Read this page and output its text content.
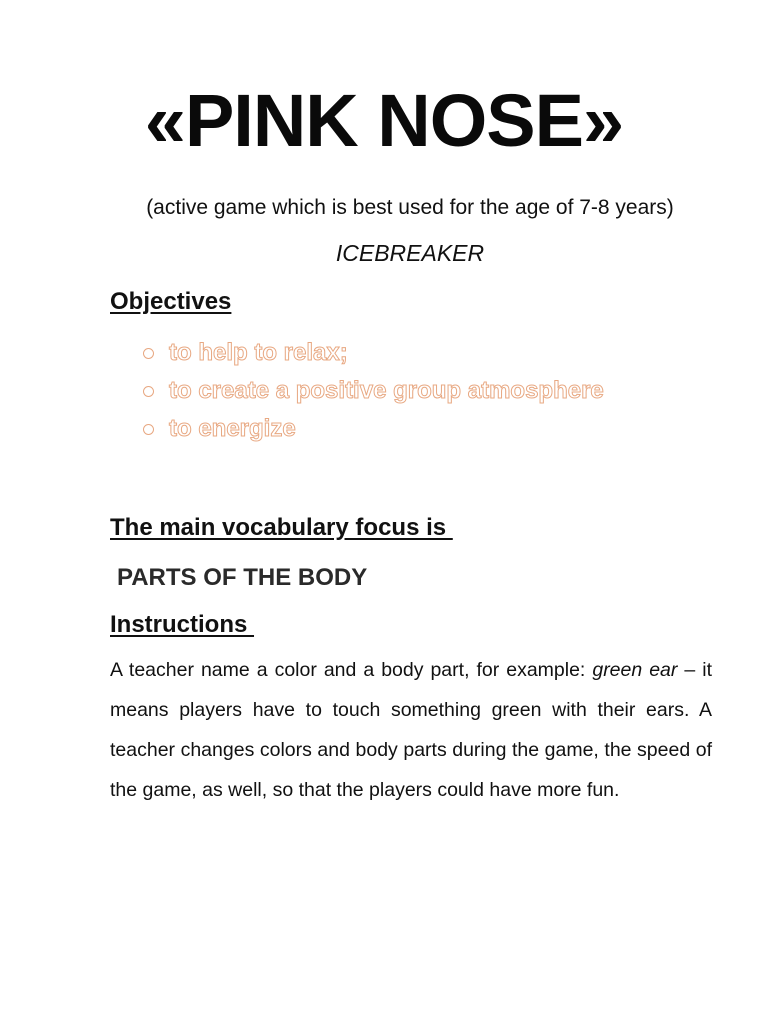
«PINK NOSE»

(active game which is best used for the age of 7-8 years)

ICEBREAKER

Objectives
to help to relax;
to create a positive group atmosphere
to energize
The main vocabulary focus is

PARTS OF THE BODY

Instructions

A teacher name a color and a body part, for example: green ear – it means players have to touch something green with their ears. A teacher changes colors and body parts during the game, the speed of the game, as well, so that the players could have more fun.
